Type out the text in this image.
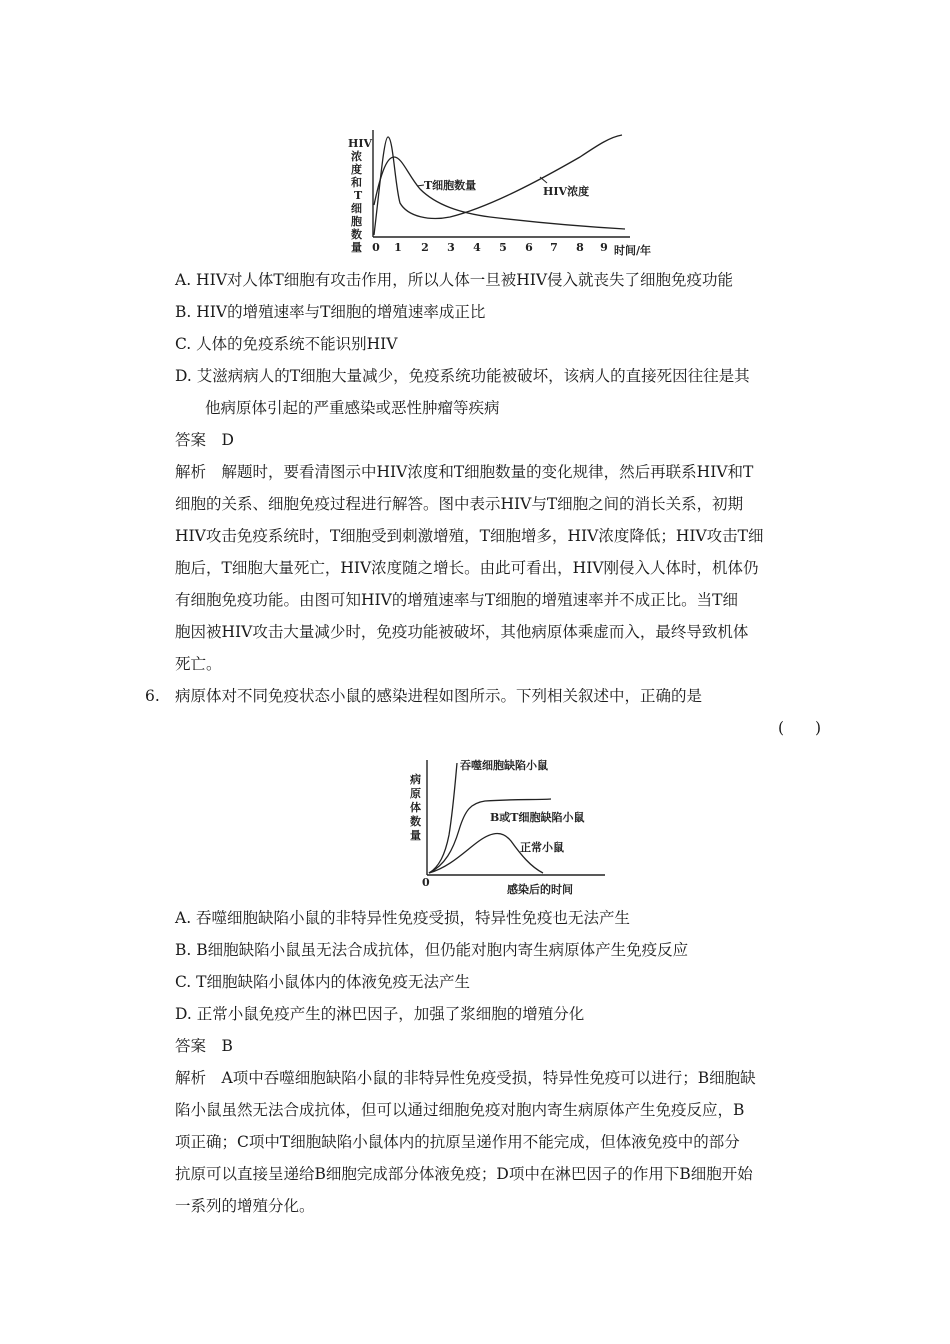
HIV
浓
度
和
T
细
胞
数
量 0 1 2 3 4 5 6 7 8 9 时间/年
T细胞数量	HIV浓度
A. HIV对人体T细胞有攻击作用，所以人体一旦被HIV侵入就丧失了细胞免疫功能
B. HIV的增殖速率与T细胞的增殖速率成正比
C. 人体的免疫系统不能识别HIV
D. 艾滋病病人的T细胞大量减少，免疫系统功能被破坏，该病人的直接死因往往是其
他病原体引起的严重感染或恶性肿瘤等疾病
答案　D
解析　解题时，要看清图示中HIV浓度和T细胞数量的变化规律，然后再联系HIV和T
细胞的关系、细胞免疫过程进行解答。图中表示HIV与T细胞之间的消长关系，初期
HIV攻击免疫系统时，T细胞受到刺激增殖，T细胞增多，HIV浓度降低；HIV攻击T细
胞后，T细胞大量死亡，HIV浓度随之增长。由此可看出，HIV刚侵入人体时，机体仍
有细胞免疫功能。由图可知HIV的增殖速率与T细胞的增殖速率并不成正比。当T细
胞因被HIV攻击大量减少时，免疫功能被破坏，其他病原体乘虚而入，最终导致机体
死亡。
6. 病原体对不同免疫状态小鼠的感染进程如图所示。下列相关叙述中，正确的是
(　　)
病
原
体
数
量
0
感染后的时间
吞噬细胞缺陷小鼠
B或T细胞缺陷小鼠
正常小鼠
A. 吞噬细胞缺陷小鼠的非特异性免疫受损，特异性免疫也无法产生
B. B细胞缺陷小鼠虽无法合成抗体，但仍能对胞内寄生病原体产生免疫反应
C. T细胞缺陷小鼠体内的体液免疫无法产生
D. 正常小鼠免疫产生的淋巴因子，加强了浆细胞的增殖分化
答案　B
解析　A项中吞噬细胞缺陷小鼠的非特异性免疫受损，特异性免疫可以进行；B细胞缺
陷小鼠虽然无法合成抗体，但可以通过细胞免疫对胞内寄生病原体产生免疫反应，B
项正确；C项中T细胞缺陷小鼠体内的抗原呈递作用不能完成，但体液免疫中的部分
抗原可以直接呈递给B细胞完成部分体液免疫；D项中在淋巴因子的作用下B细胞开始
一系列的增殖分化。
